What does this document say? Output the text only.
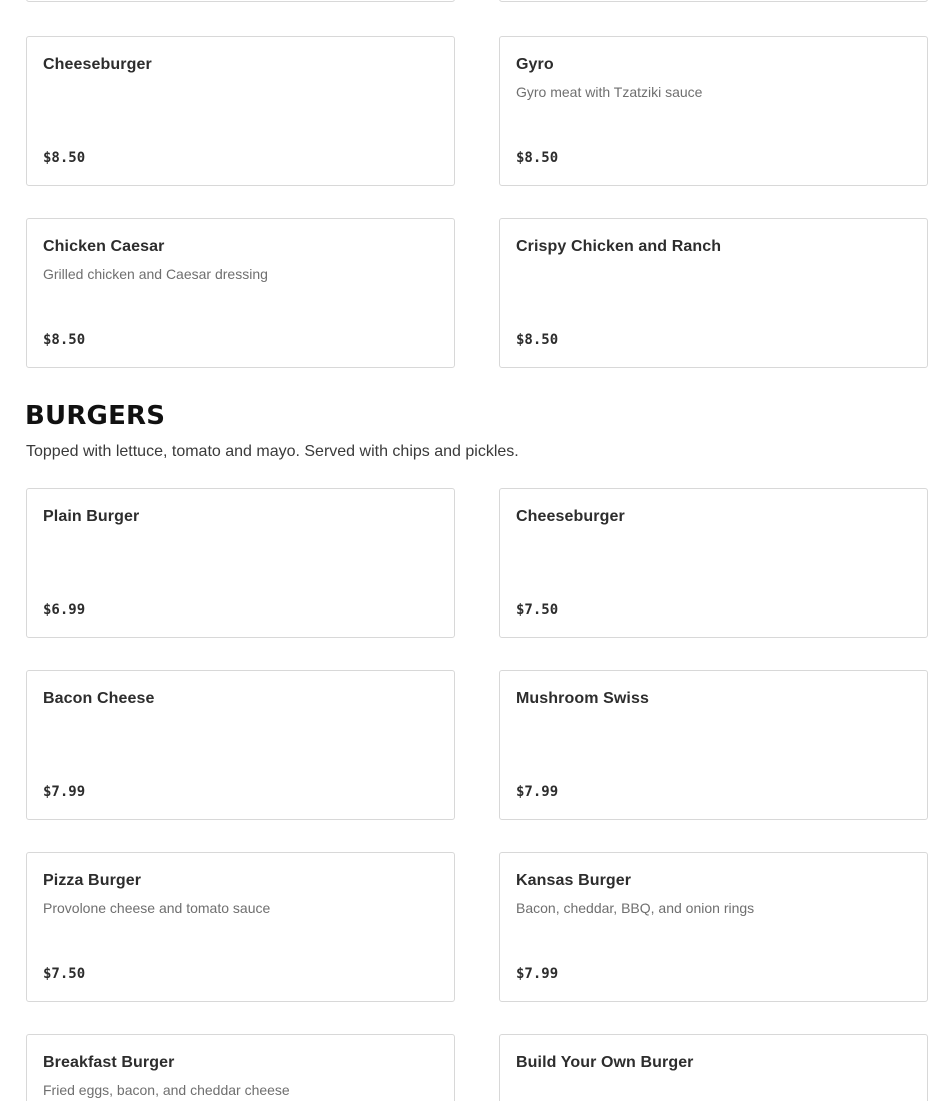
Cheeseburger
$8.50
Gyro
Gyro meat with Tzatziki sauce
$8.50
Chicken Caesar
Grilled chicken and Caesar dressing
$8.50
Crispy Chicken and Ranch
$8.50
BURGERS

Topped with lettuce, tomato and mayo. Served with chips and pickles.

Plain Burger
$6.99
Cheeseburger
$7.50
Bacon Cheese
$7.99
Mushroom Swiss
$7.99
Pizza Burger
Provolone cheese and tomato sauce
$7.50
Kansas Burger
Bacon, cheddar, BBQ, and onion rings
$7.99
Breakfast Burger
Fried eggs, bacon, and cheddar cheese
Build Your Own Burger
